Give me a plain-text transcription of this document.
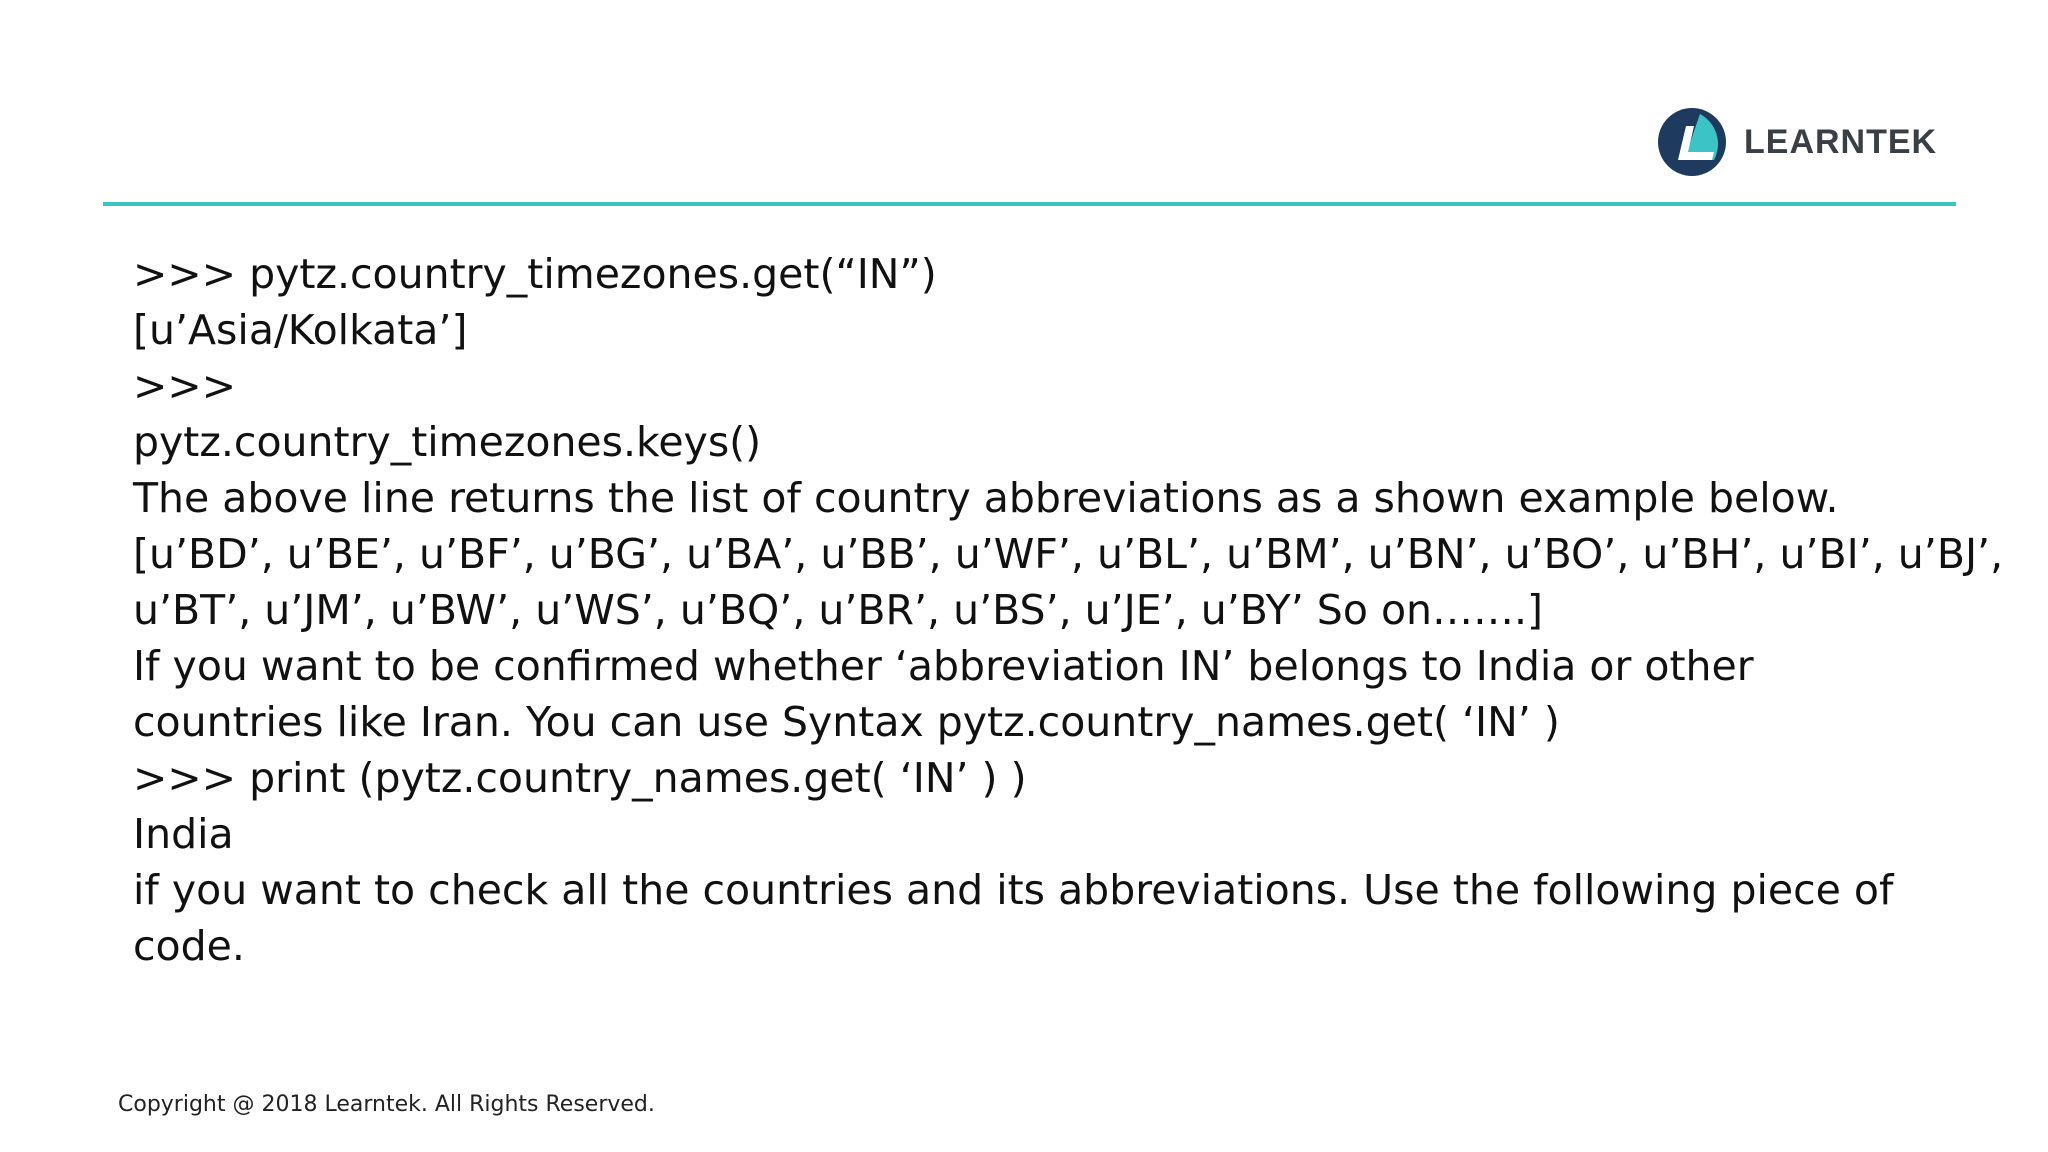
LEARNTEK
>>> pytz.country_timezones.get(“IN”)
[u’Asia/Kolkata’]
>>>
pytz.country_timezones.keys()
The above line returns the list of country abbreviations as a shown example below.
[u’BD’, u’BE’, u’BF’, u’BG’, u’BA’, u’BB’, u’WF’, u’BL’, u’BM’, u’BN’, u’BO’, u’BH’, u’BI’, u’BJ’,
u’BT’, u’JM’, u’BW’, u’WS’, u’BQ’, u’BR’, u’BS’, u’JE’, u’BY’ So on…….]
If you want to be confirmed whether ‘abbreviation IN’ belongs to India or other
countries like Iran. You can use Syntax pytz.country_names.get( ‘IN’ )
>>> print (pytz.country_names.get( ‘IN’ ) )
India
if you want to check all the countries and its abbreviations. Use the following piece of
code.
Copyright @ 2018 Learntek. All Rights Reserved.
